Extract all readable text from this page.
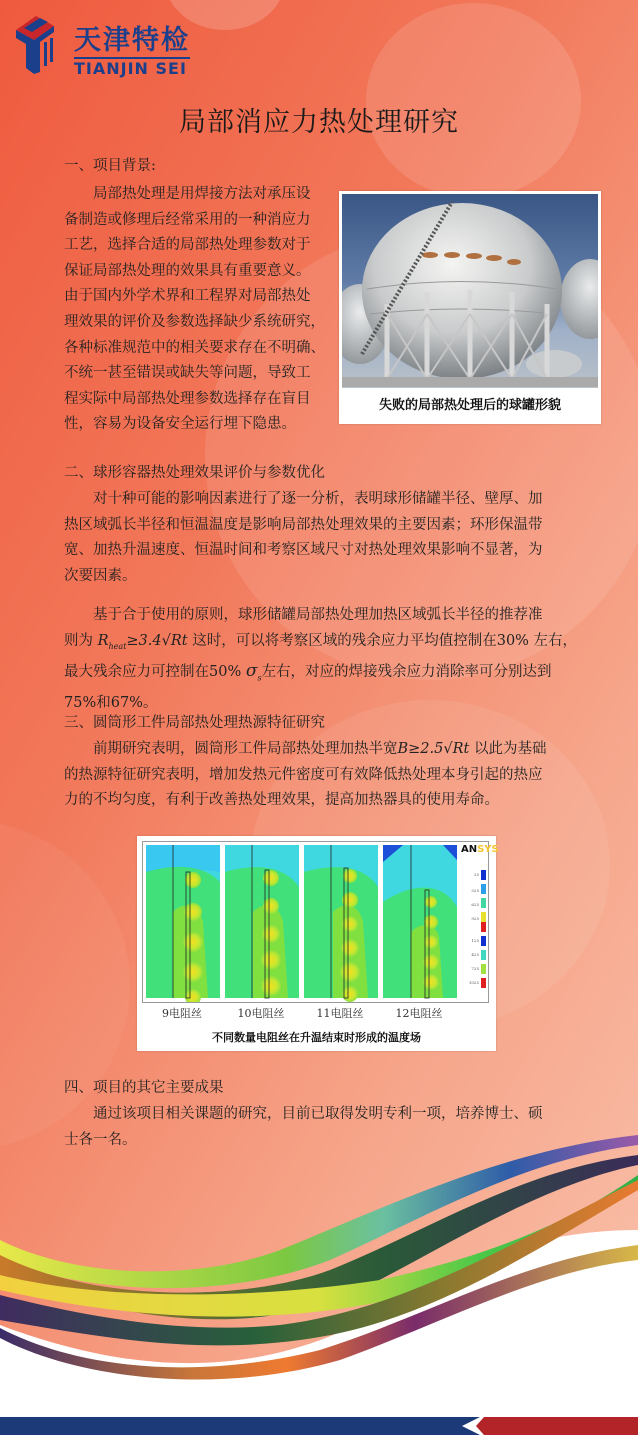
天津特检
TIANJIN SEI
局部消应力热处理研究
一、项目背景:
局部热处理是用焊接方法对承压设
备制造或修理后经常采用的一种消应力
工艺，选择合适的局部热处理参数对于
保证局部热处理的效果具有重要意义。
由于国内外学术界和工程界对局部热处
理效果的评价及参数选择缺少系统研究，
各种标准规范中的相关要求存在不明确、
不统一甚至错误或缺失等问题，导致工
程实际中局部热处理参数选择存在盲目
性，容易为设备安全运行埋下隐患。
失败的局部热处理后的球罐形貌
二、球形容器热处理效果评价与参数优化
对十种可能的影响因素进行了逐一分析，表明球形储罐半径、壁厚、加
热区域弧长半径和恒温温度是影响局部热处理效果的主要因素；环形保温带
宽、加热升温速度、恒温时间和考察区域尺寸对热处理效果影响不显著，为
次要因素。
基于合于使用的原则，球形储罐局部热处理加热区域弧长半径的推荐准
则为 $R_{heat}\ge 3.4√Rt$ 这时，可以将考察区域的残余应力平均值控制在30% 左右，
最大残余应力可控制在50% $\sigma_s$左右，对应的焊接残余应力消除率可分别达到
75%和67%。
三、圆筒形工件局部热处理热源特征研究
前期研究表明，圆筒形工件局部热处理加热半宽B≥2.5√Rt 以此为基础
的热源特征研究表明，增加发热元件密度可有效降低热处理本身引起的热应
力的不均匀度，有利于改善热处理效果，提高加热器具的使用寿命。
ANSYS
25
325
625
925
125
425
725
1025
9电阻丝	10电阻丝	11电阻丝	12电阻丝
不同数量电阻丝在升温结束时形成的温度场
四、项目的其它主要成果
通过该项目相关课题的研究，目前已取得发明专利一项，培养博士、硕
士各一名。
